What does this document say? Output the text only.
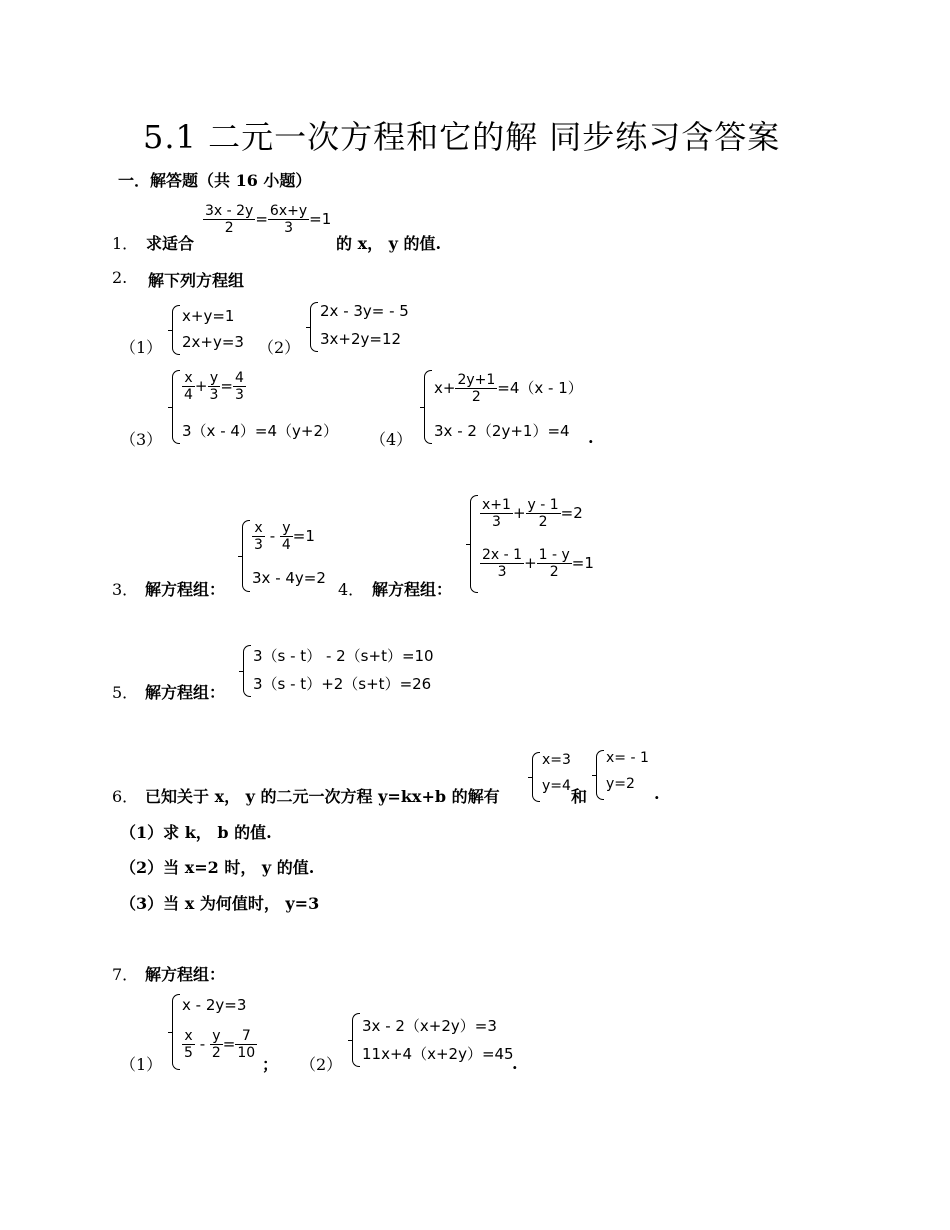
5.1 二元一次方程和它的解 同步练习含答案
一．解答题（共 16 小题）
1． 求适合
$\frac{3x - 2y}{2} = \frac{6x+y}{3} =1$
的 x， y 的值.
2. 解下列方程组
（1）
x+y=1
2x+y=3 （2）
2x - 3y= - 5
3x+2y=12
（3）
$\frac{x}{4} + \frac{y}{3} = \frac{4}{3}$
3（x - 4）=4（y+2） （4）
$x+ \frac{2y+1}{2} =4(x - 1)$
3x - 2（2y+1）=4 .
3． 解方程组：
$\frac{x}{3} - \frac{y}{4} =1$
3x - 4y=2
4． 解方程组：
$\frac{x+1}{3} + \frac{y - 1}{2} =2$
$\frac{2x - 1}{3} + \frac{1 - y}{2} =1$
5． 解方程组：
3（s - t） - 2（s+t）=10
3（s - t）+2（s+t）=26
6． 已知关于 x， y 的二元一次方程 y=kx+b 的解有
x=3
y=4
和
x= - 1
y=2 .
（1）求 k， b 的值.
（2）当 x=2 时， y 的值.
（3）当 x 为何值时， y=3
7． 解方程组：
（1）
x - 2y=3
$\frac{x}{5} - \frac{y}{2} = \frac{7}{10}$
； （2）
3x - 2（x+2y）=3
11x+4（x+2y）=45
.
